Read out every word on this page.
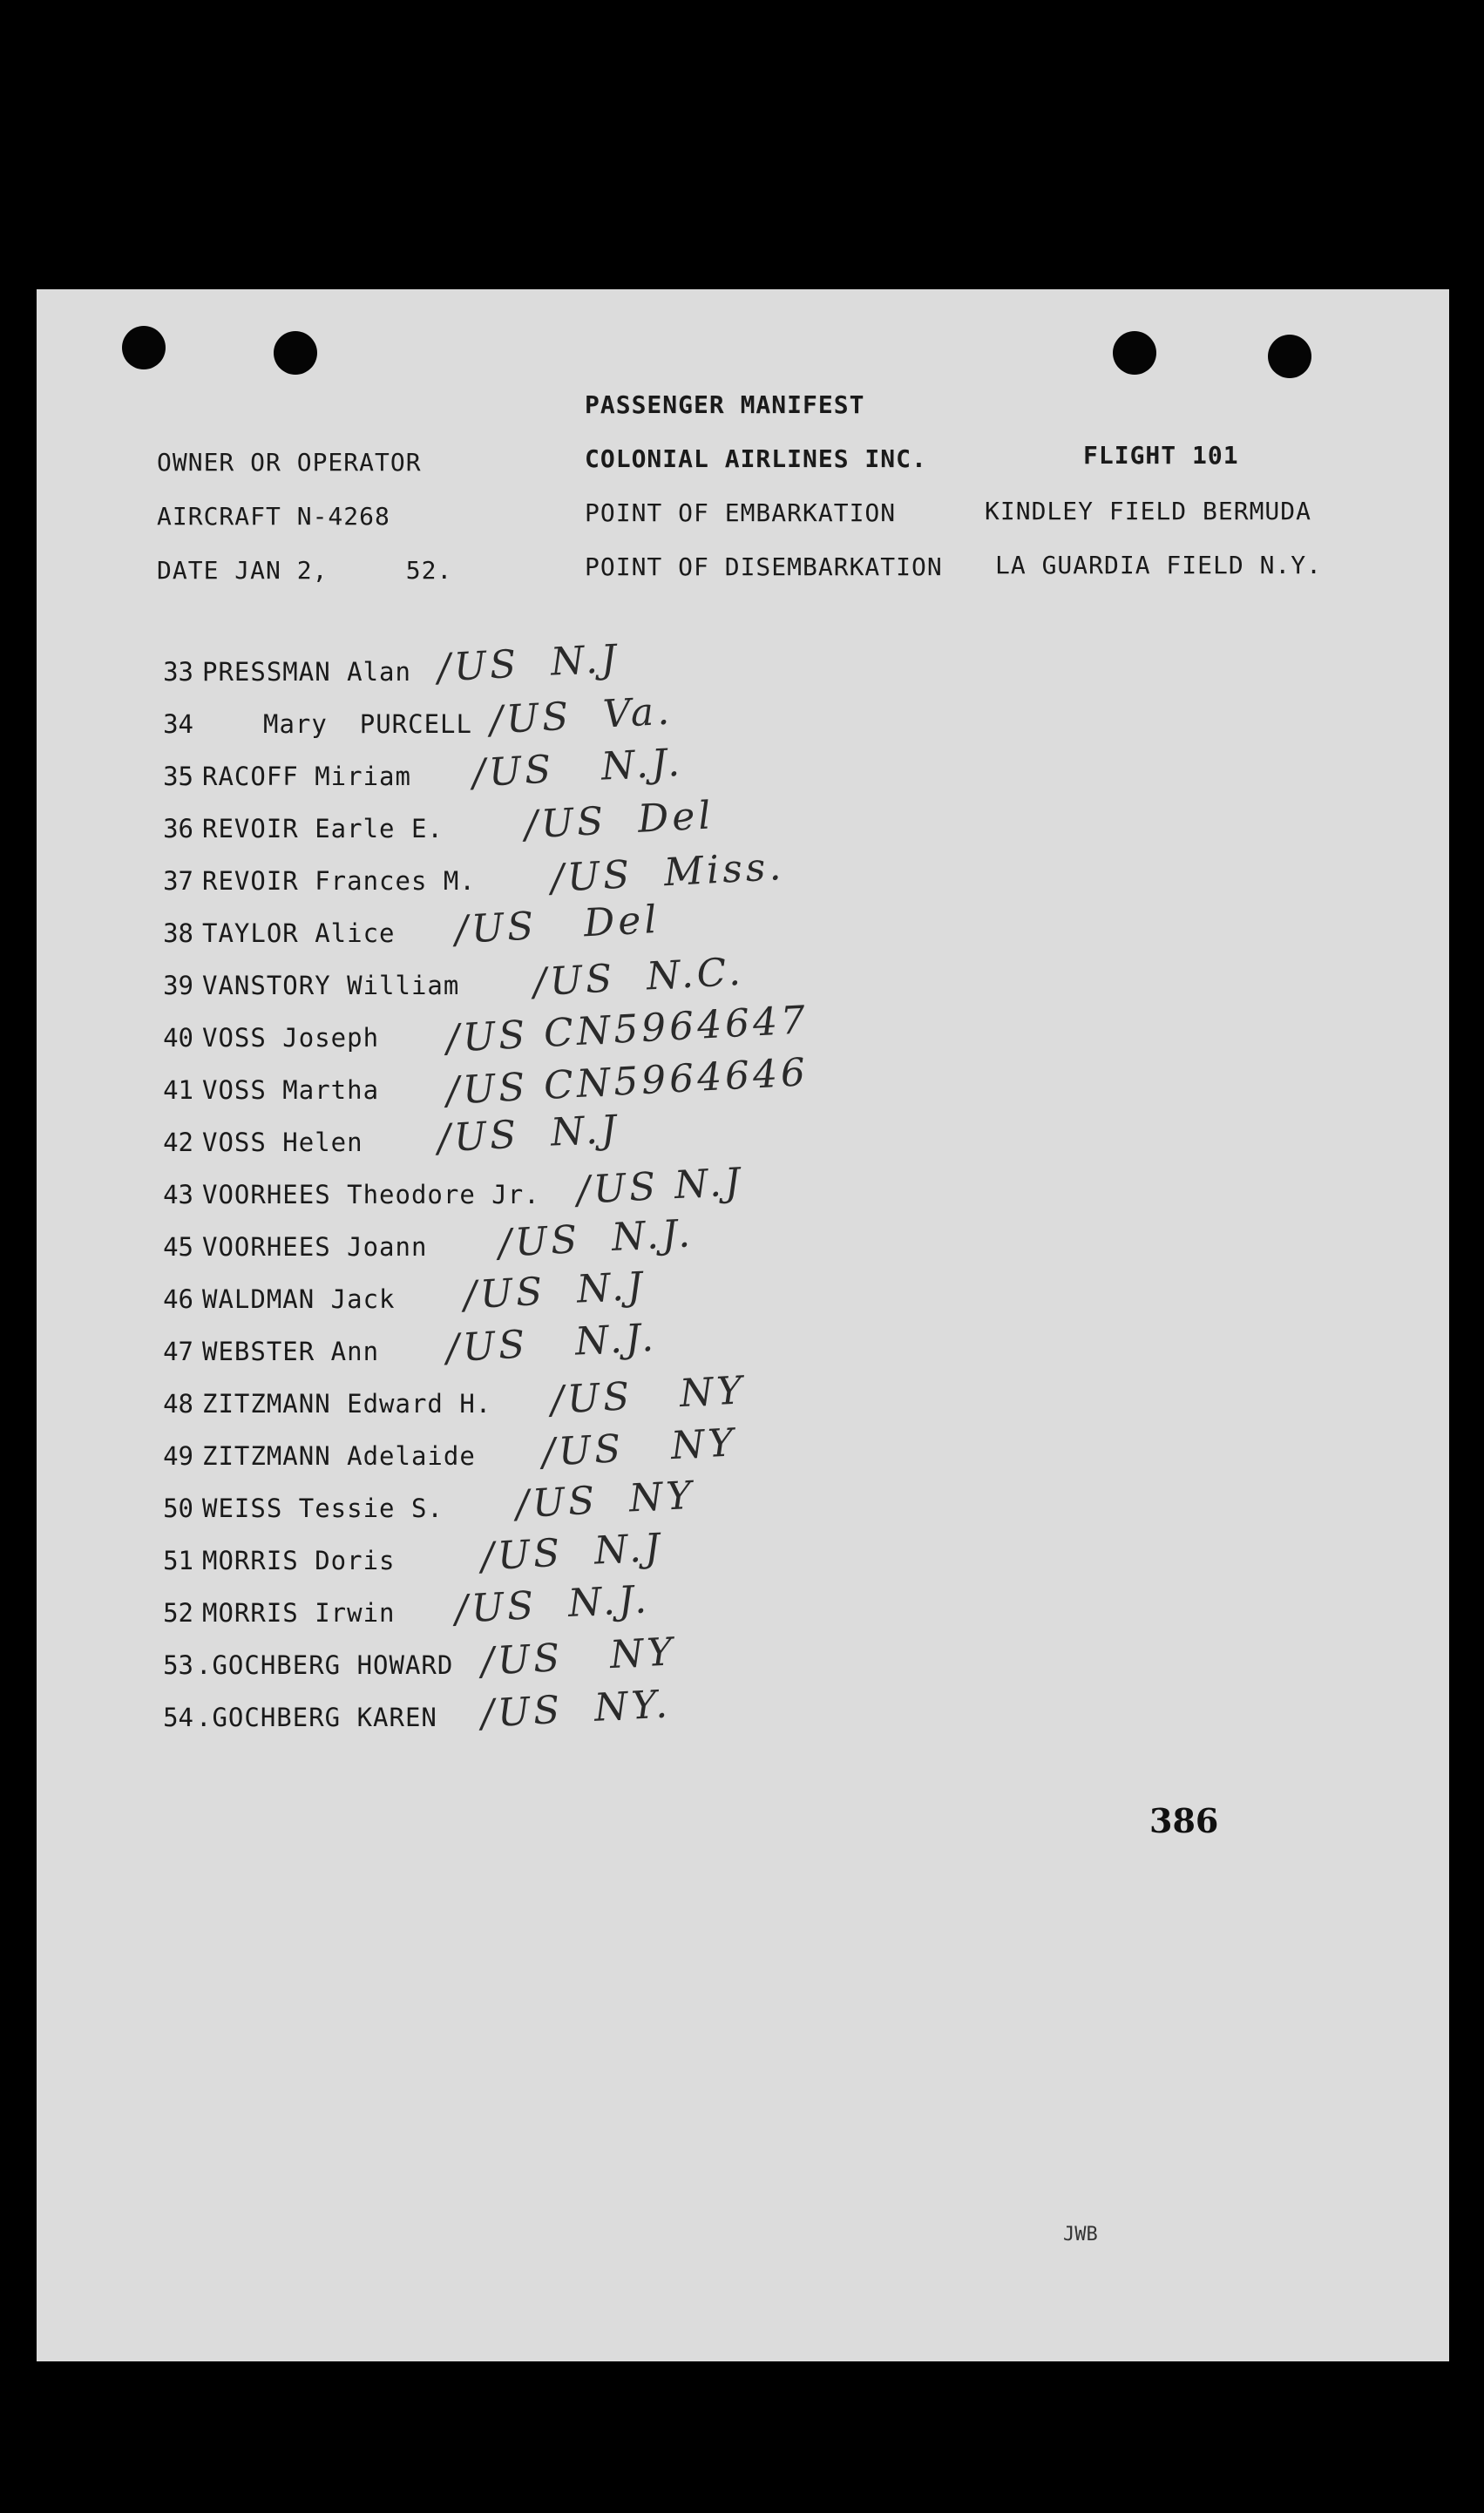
PASSENGER MANIFEST
OWNER OR OPERATOR	COLONIAL AIRLINES INC.	FLIGHT 101
AIRCRAFT N-4268	POINT OF EMBARKATION	KINDLEY FIELD BERMUDA
DATE JAN 2,     52.	POINT OF DISEMBARKATION LA GUARDIA FIELD N.Y.
33 PRESSMAN Alan /US  N.J
34	Mary  PURCELL /US  Va.
35 RACOFF Miriam /US   N.J.
36 REVOIR Earle E. /US  Del
37 REVOIR Frances M. /US  Miss.
38 TAYLOR Alice /US   Del
39 VANSTORY William /US  N.C.
40 VOSS Joseph /US CN5964647
41 VOSS Martha /US CN5964646
42 VOSS Helen /US  N.J
43 VOORHEES Theodore Jr. /US N.J
45 VOORHEES Joann /US  N.J.
46 WALDMAN Jack /US  N.J
47 WEBSTER Ann /US   N.J.
48 ZITZMANN Edward H. /US   NY
49 ZITZMANN Adelaide /US   NY
50 WEISS Tessie S. /US  NY
51 MORRIS Doris /US  N.J
52 MORRIS Irwin /US  N.J.
53 .GOCHBERG HOWARD /US   NY
54 .GOCHBERG KAREN /US  NY.
386
JWB
